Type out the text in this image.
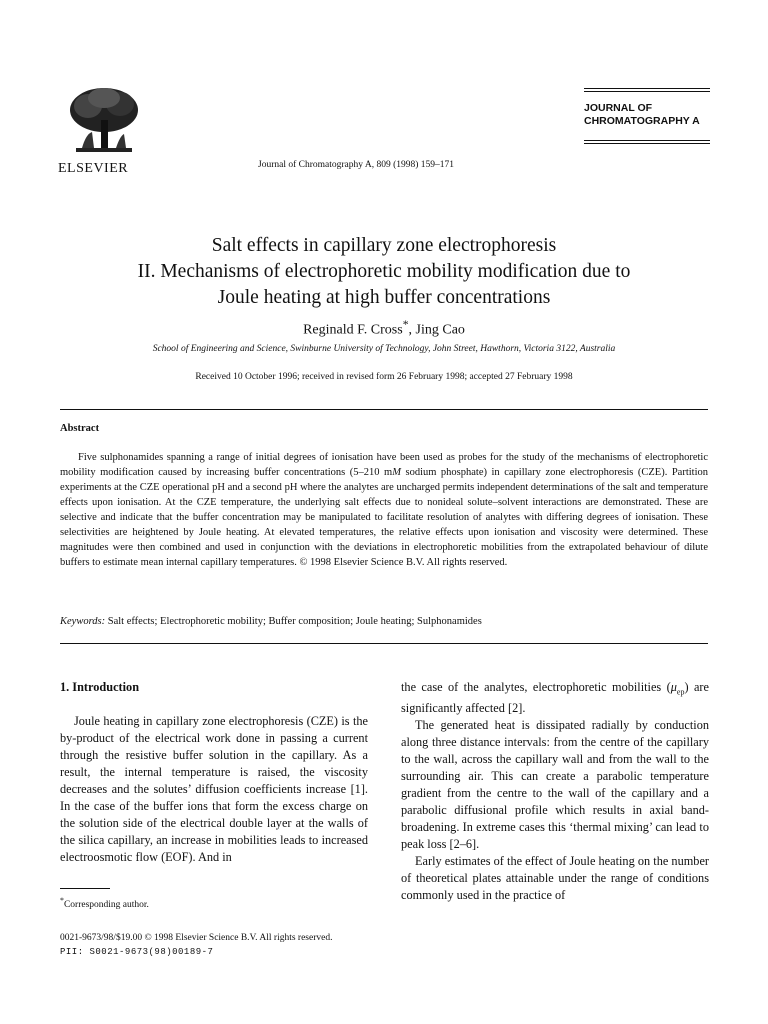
ELSEVIER	Journal of Chromatography A, 809 (1998) 159–171
JOURNAL OF
CHROMATOGRAPHY A
Salt effects in capillary zone electrophoresis
II. Mechanisms of electrophoretic mobility modification due to
Joule heating at high buffer concentrations
Reginald F. Cross*, Jing Cao
School of Engineering and Science, Swinburne University of Technology, John Street, Hawthorn, Victoria 3122, Australia
Received 10 October 1996; received in revised form 26 February 1998; accepted 27 February 1998
Abstract
Five sulphonamides spanning a range of initial degrees of ionisation have been used as probes for the study of the mechanisms of electrophoretic mobility modification caused by increasing buffer concentrations (5–210 mM sodium phosphate) in capillary zone electrophoresis (CZE). Partition experiments at the CZE operational pH and a second pH where the analytes are uncharged permits independent determinations of the salt and temperature effects upon ionisation. At the CZE temperature, the underlying salt effects due to nonideal solute–solvent interactions are demonstrated. These are selective and indicate that the buffer concentration may be manipulated to facilitate resolution of analytes with differing degrees of ionisation. These selectivities are heightened by Joule heating. At elevated temperatures, the relative effects upon ionisation and viscosity were determined. These magnitudes were then combined and used in conjunction with the deviations in electrophoretic mobilities from the extrapolated behaviour of dilute buffers to estimate mean internal capillary temperatures. © 1998 Elsevier Science B.V. All rights reserved.
Keywords: Salt effects; Electrophoretic mobility; Buffer composition; Joule heating; Sulphonamides
1. Introduction

Joule heating in capillary zone electrophoresis (CZE) is the by-product of the electrical work done in passing a current through the resistive buffer solution in the capillary. As a result, the internal temperature is raised, the viscosity decreases and the solutes’ diffusion coefficients increase [1]. In the case of the buffer ions that form the excess charge on the solution side of the electrical double layer at the walls of the silica capillary, an increase in mobilities leads to increased electroosmotic flow (EOF). And in

the case of the analytes, electrophoretic mobilities $(\mu_{ep})$ are significantly affected [2].

The generated heat is dissipated radially by conduction along three distance intervals: from the centre of the capillary to the wall, across the capillary wall and from the wall to the surrounding air. This can create a parabolic temperature gradient from the centre to the wall of the capillary and a parabolic diffusional profile which results in axial band-broadening. In extreme cases this ‘thermal mixing’ can lead to peak loss [2–6].

Early estimates of the effect of Joule heating on the number of theoretical plates attainable under the range of conditions commonly used in the practice of

*Corresponding author.
0021-9673/98/$19.00 © 1998 Elsevier Science B.V. All rights reserved.
PII: S0021-9673(98)00189-7
